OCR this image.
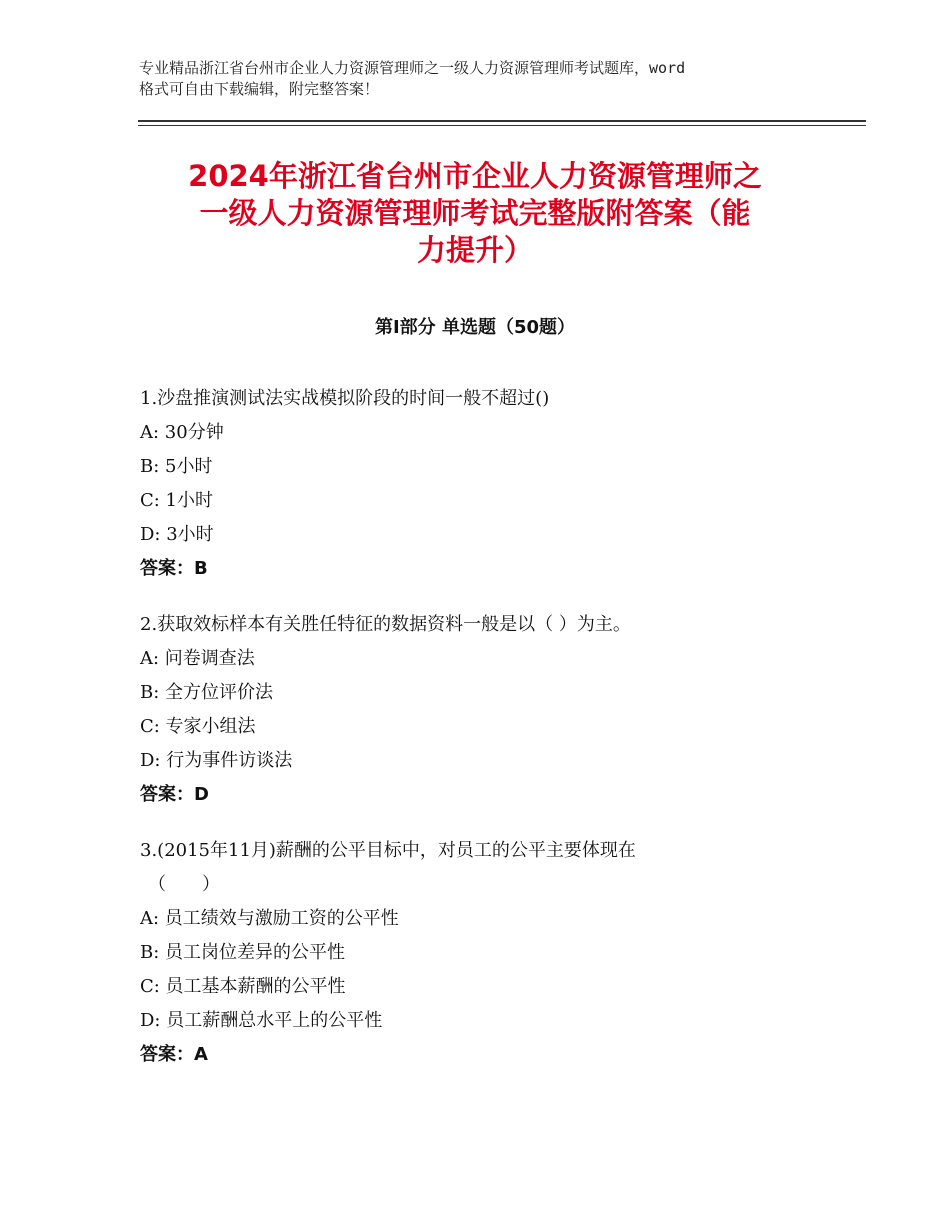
专业精品浙江省台州市企业人力资源管理师之一级人力资源管理师考试题库，word
格式可自由下载编辑，附完整答案！
2024年浙江省台州市企业人力资源管理师之
一级人力资源管理师考试完整版附答案（能
力提升）
第Ⅰ部分 单选题（50题）
1.沙盘推演测试法实战模拟阶段的时间一般不超过()
A: 30分钟
B: 5小时
C: 1小时
D: 3小时
答案：B
2.获取效标样本有关胜任特征的数据资料一般是以（ ）为主。
A: 问卷调查法
B: 全方位评价法
C: 专家小组法
D: 行为事件访谈法
答案：D
3.(2015年11月)薪酬的公平目标中，对员工的公平主要体现在
（　　）
A: 员工绩效与激励工资的公平性
B: 员工岗位差异的公平性
C: 员工基本薪酬的公平性
D: 员工薪酬总水平上的公平性
答案：A
